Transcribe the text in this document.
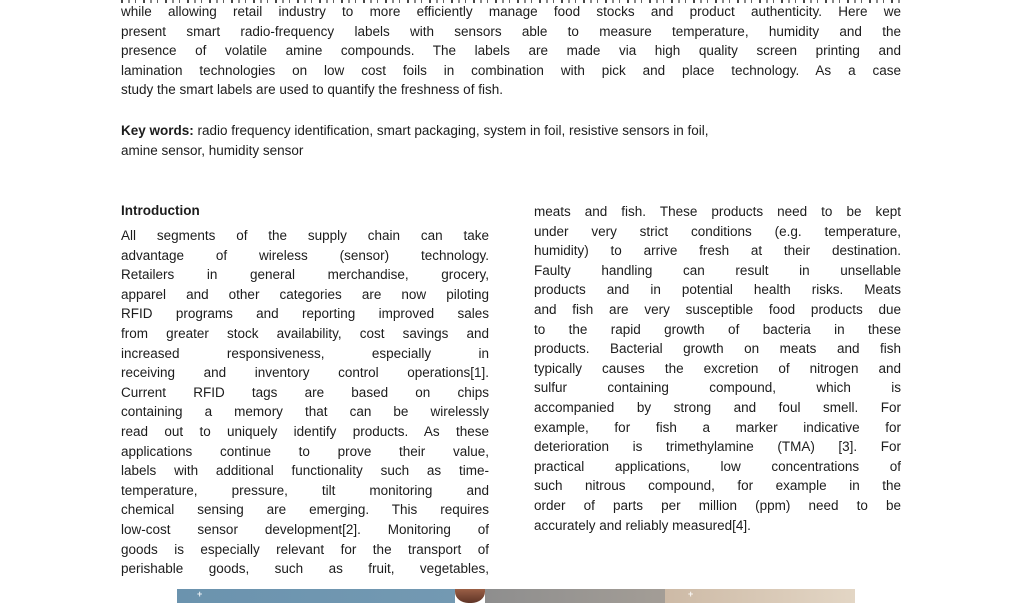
while allowing retail industry to more efficiently manage food stocks and product authenticity. Here we
present smart radio-frequency labels with sensors able to measure temperature, humidity and the
presence of volatile amine compounds. The labels are made via high quality screen printing and
lamination technologies on low cost foils in combination with pick and place technology. As a case
study the smart labels are used to quantify the freshness of fish.
Key words: radio frequency identification, smart packaging, system in foil, resistive sensors in foil,
amine sensor, humidity sensor
Introduction
All segments of the supply chain can take
advantage of wireless (sensor) technology.
Retailers in general merchandise, grocery,
apparel and other categories are now piloting
RFID programs and reporting improved sales
from greater stock availability, cost savings and
increased responsiveness, especially in
receiving and inventory control operations[1].
Current RFID tags are based on chips
containing a memory that can be wirelessly
read out to uniquely identify products. As these
applications continue to prove their value,
labels with additional functionality such as time-
temperature, pressure, tilt monitoring and
chemical sensing are emerging. This requires
low-cost sensor development[2]. Monitoring of
goods is especially relevant for the transport of
perishable goods, such as fruit, vegetables,
meats and fish. These products need to be kept
under very strict conditions (e.g. temperature,
humidity) to arrive fresh at their destination.
Faulty handling can result in unsellable
products and in potential health risks. Meats
and fish are very susceptible food products due
to the rapid growth of bacteria in these
products. Bacterial growth on meats and fish
typically causes the excretion of nitrogen and
sulfur containing compound, which is
accompanied by strong and foul smell. For
example, for fish a marker indicative for
deterioration is trimethylamine (TMA) [3]. For
practical applications, low concentrations of
such nitrous compound, for example in the
order of parts per million (ppm) need to be
accurately and reliably measured[4].
+	+
